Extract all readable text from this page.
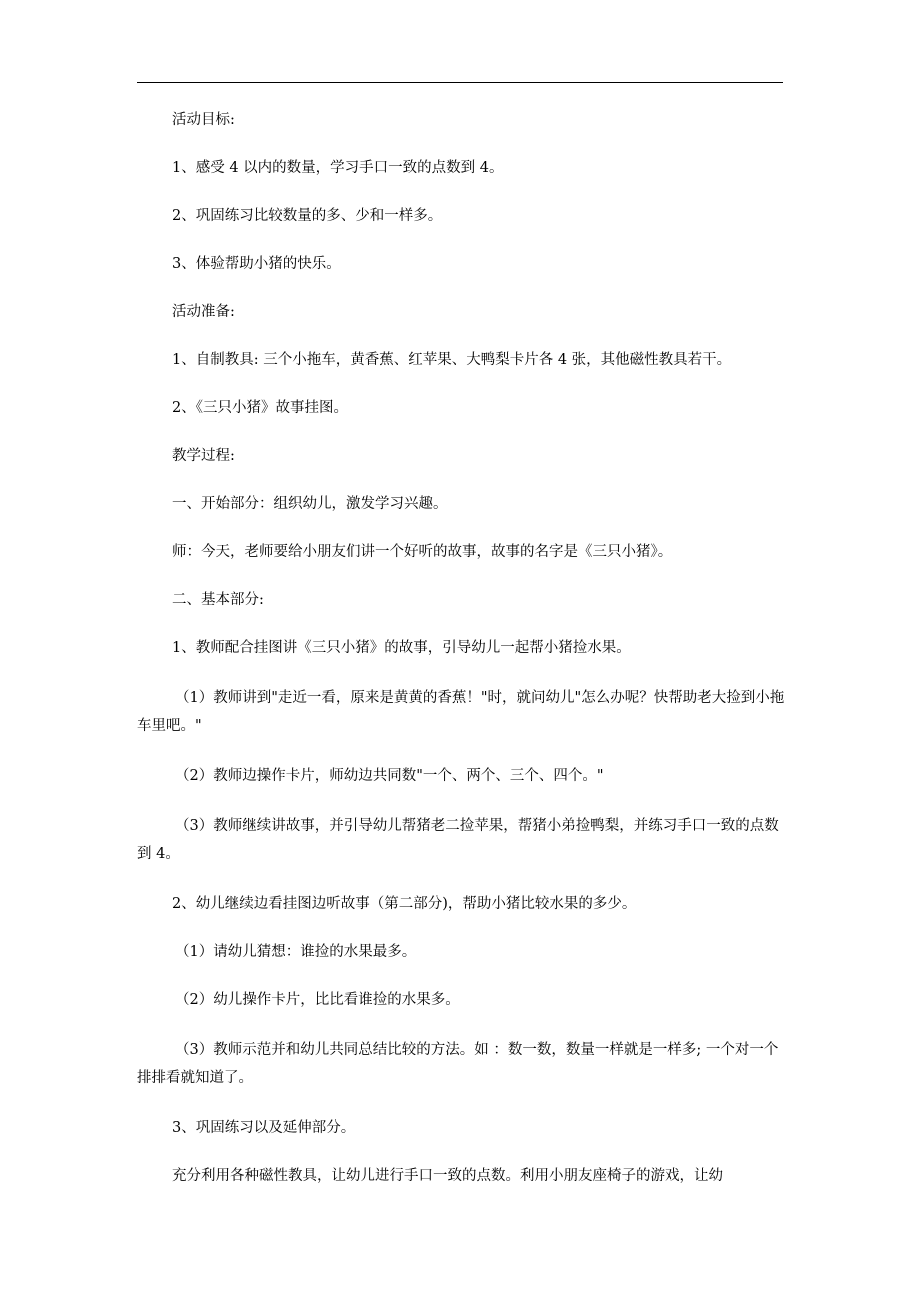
活动目标:

1、感受 4 以内的数量，学习手口一致的点数到 4。

2、巩固练习比较数量的多、少和一样多。

3、体验帮助小猪的快乐。

活动准备:

1、自制教具: 三个小拖车，黄香蕉、红苹果、大鸭梨卡片各 4 张，其他磁性教具若干。

2、《三只小猪》故事挂图。

教学过程:

一、开始部分：组织幼儿，激发学习兴趣。

师：今天，老师要给小朋友们讲一个好听的故事，故事的名字是《三只小猪》。

二、基本部分:

1、教师配合挂图讲《三只小猪》的故事，引导幼儿一起帮小猪捡水果。

（1）教师讲到"走近一看，原来是黄黄的香蕉！"时，就问幼儿"怎么办呢？快帮助老大捡到小拖车里吧。"

（2）教师边操作卡片，师幼边共同数"一个、两个、三个、四个。"

（3）教师继续讲故事，并引导幼儿帮猪老二捡苹果，帮猪小弟捡鸭梨，并练习手口一致的点数到 4。

2、幼儿继续边看挂图边听故事（第二部分)，帮助小猪比较水果的多少。

（1）请幼儿猜想：谁捡的水果最多。

（2）幼儿操作卡片，比比看谁捡的水果多。

（3）教师示范并和幼儿共同总结比较的方法。如 ：数一数，数量一样就是一样多; 一个对一个排排看就知道了。

3、巩固练习以及延伸部分。

充分利用各种磁性教具，让幼儿进行手口一致的点数。利用小朋友座椅子的游戏，让幼
